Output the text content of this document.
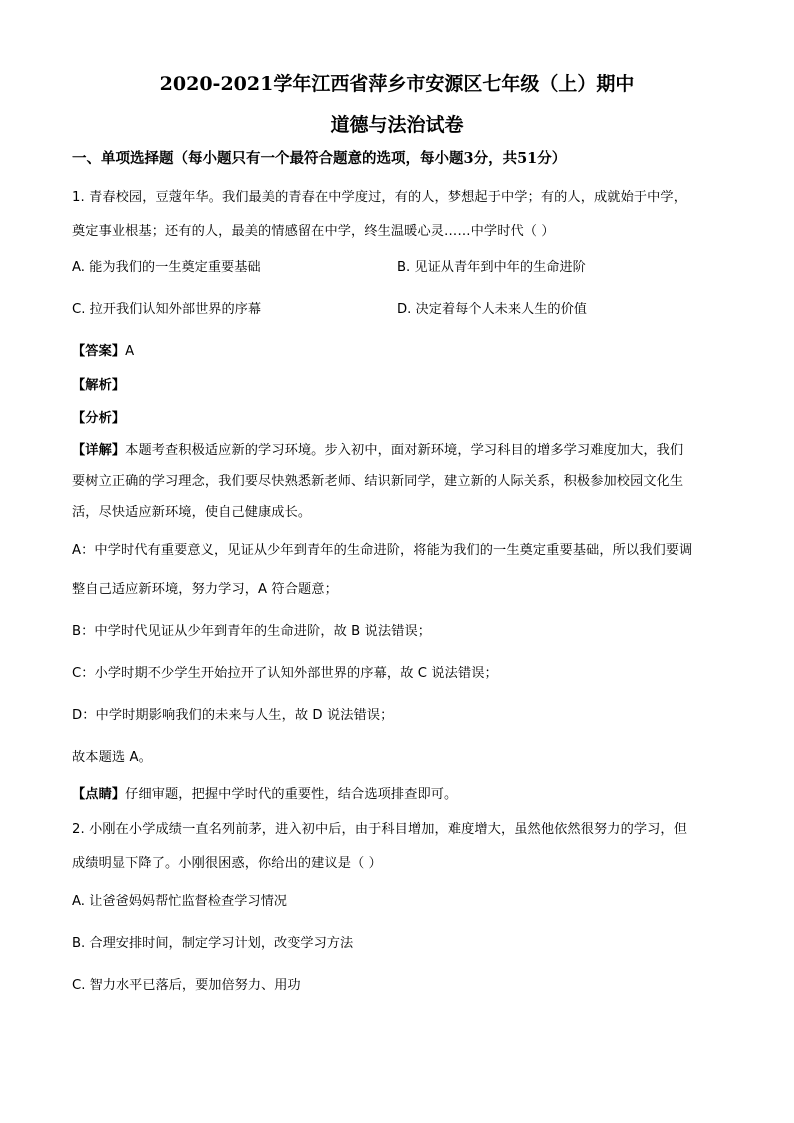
2020-2021学年江西省萍乡市安源区七年级（上）期中
道德与法治试卷
一、单项选择题（每小题只有一个最符合题意的选项，每小题3分，共51分）
1. 青春校园，豆蔻年华。我们最美的青春在中学度过，有的人，梦想起于中学；有的人，成就始于中学，
奠定事业根基；还有的人，最美的情感留在中学，终生温暖心灵……中学时代（ ）
A. 能为我们的一生奠定重要基础	B. 见证从青年到中年的生命进阶
C. 拉开我们认知外部世界的序幕	D. 决定着每个人未来人生的价值
【答案】A
【解析】
【分析】
【详解】本题考查积极适应新的学习环境。步入初中，面对新环境，学习科目的增多学习难度加大，我们
要树立正确的学习理念，我们要尽快熟悉新老师、结识新同学，建立新的人际关系，积极参加校园文化生
活，尽快适应新环境，使自己健康成长。
A：中学时代有重要意义，见证从少年到青年的生命进阶，将能为我们的一生奠定重要基础，所以我们要调
整自己适应新环境，努力学习，A 符合题意；
B：中学时代见证从少年到青年的生命进阶，故 B 说法错误；
C：小学时期不少学生开始拉开了认知外部世界的序幕，故 C 说法错误；
D：中学时期影响我们的未来与人生，故 D 说法错误；
故本题选 A。
【点睛】仔细审题，把握中学时代的重要性，结合选项排查即可。
2. 小刚在小学成绩一直名列前茅，进入初中后，由于科目增加，难度增大，虽然他依然很努力的学习，但
成绩明显下降了。小刚很困惑，你给出的建议是（ ）
A. 让爸爸妈妈帮忙监督检查学习情况
B. 合理安排时间，制定学习计划，改变学习方法
C. 智力水平已落后，要加倍努力、用功
